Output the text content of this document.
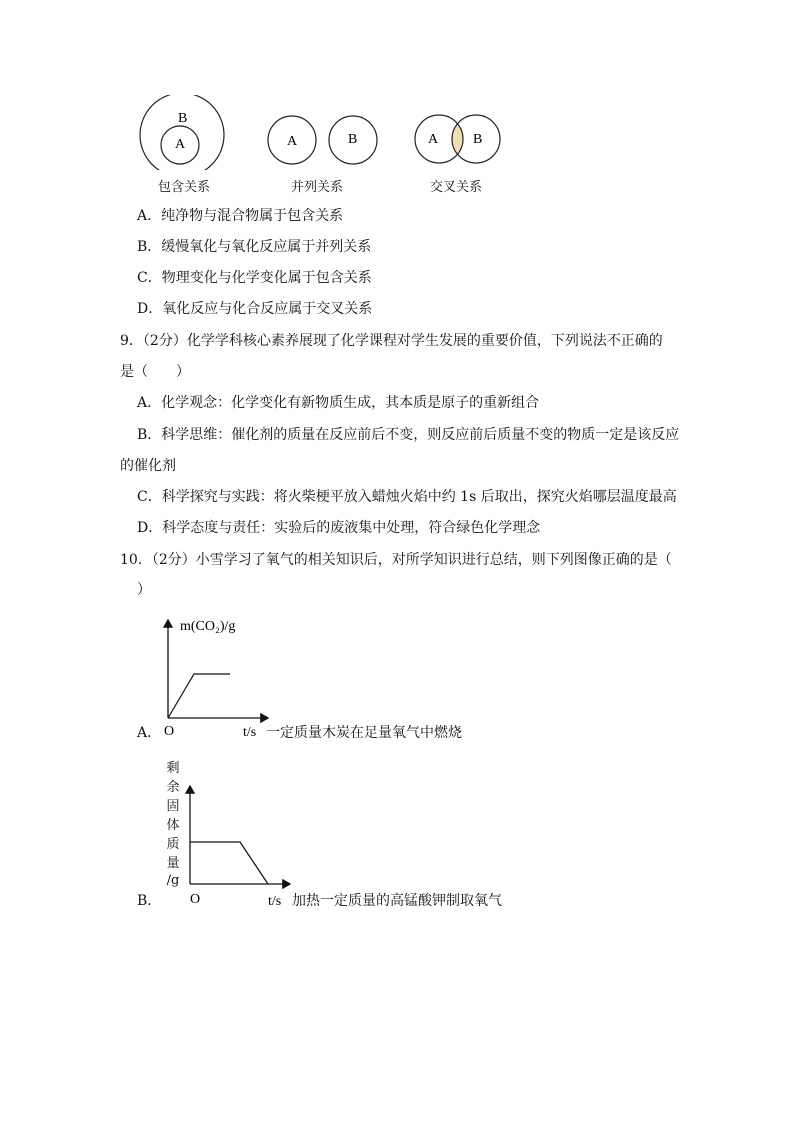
B
A	A	B	A B
包含关系	并列关系	交叉关系
A．纯净物与混合物属于包含关系
B．缓慢氧化与氧化反应属于并列关系
C．物理变化与化学变化属于包含关系
D．氧化反应与化合反应属于交叉关系
9．（2分）化学学科核心素养展现了化学课程对学生发展的重要价值，下列说法不正确的
是（　　）
A．化学观念：化学变化有新物质生成，其本质是原子的重新组合
B．科学思维：催化剂的质量在反应前后不变，则反应前后质量不变的物质一定是该反应
的催化剂
C．科学探究与实践：将火柴梗平放入蜡烛火焰中约 1s 后取出，探究火焰哪层温度最高
D．科学态度与责任：实验后的废液集中处理，符合绿色化学理念
10．（2分）小雪学习了氧气的相关知识后，对所学知识进行总结，则下列图像正确的是（
）
A．
m(CO₂)/g
O	t/s 一定质量木炭在足量氧气中燃烧
剩
余
固
体
质
量
/g
B． O	t/s 加热一定质量的高锰酸钾制取氧气
